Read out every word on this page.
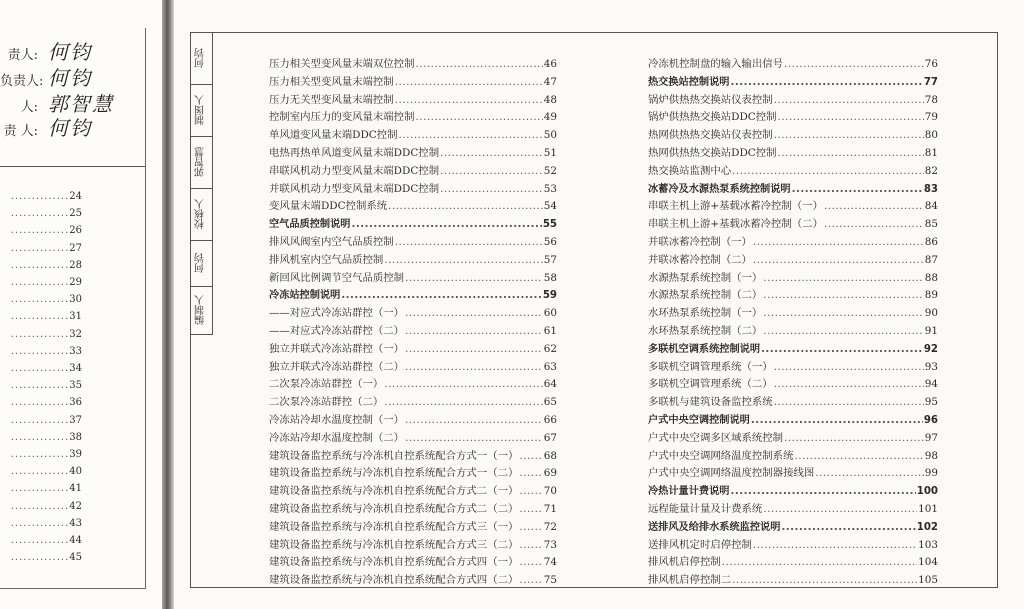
责人: 何钧
负责人: 何钧
人: 郭智慧
责 人: 何钧
..............24
..............25
..............26
..............27
..............28
..............29
..............30
..............31
..............32
..............33
..............34
..............35
..............36
..............37
..............38
..............39
..............40
..............41
..............42
..............43
..............44
..............45
何钧
制图人
郭智慧
校核人
何钧
编制人
压力相关型变风量末端双位控制 .....	46
压力相关型变风量末端控制 .....	47
压力无关型变风量末端控制 .....	48
控制室内压力的变风量末端控制 .....	49
单风道变风量末端DDC控制 .....	50
电热再热单风道变风量末端DDC控制 .....	51
串联风机动力型变风量末端DDC控制 .....	52
并联风机动力型变风量末端DDC控制 .....	53
变风量末端DDC控制系统 .....	54
空气品质控制说明 .....	55
排风风阀室内空气品质控制 .....	56
排风机室内空气品质控制 .....	57
新回风比例调节空气品质控制 .....	58
冷冻站控制说明 .....	59
——对应式冷冻站群控（一） .....	60
——对应式冷冻站群控（二） .....	61
独立并联式冷冻站群控（一） .....	62
独立并联式冷冻站群控（二） .....	63
二次泵冷冻站群控（一） .....	64
二次泵冷冻站群控（二） .....	65
冷冻站冷却水温度控制（一） .....	66
冷冻站冷却水温度控制（二） .....	67
建筑设备监控系统与冷冻机自控系统配合方式一（一） ..... 68
建筑设备监控系统与冷冻机自控系统配合方式一（二） ..... 69
建筑设备监控系统与冷冻机自控系统配合方式二（一） ..... 70
建筑设备监控系统与冷冻机自控系统配合方式二（二） ..... 71
建筑设备监控系统与冷冻机自控系统配合方式三（一） ..... 72
建筑设备监控系统与冷冻机自控系统配合方式三（二） ..... 73
建筑设备监控系统与冷冻机自控系统配合方式四（一） ..... 74
建筑设备监控系统与冷冻机自控系统配合方式四（二） ..... 75
冷冻机控制盘的输入输出信号 .....	76
热交换站控制说明 .....	77
锅炉供热热交换站仪表控制 .....	78
锅炉供热热交换站DDC控制 .....	79
热网供热热交换站仪表控制 .....	80
热网供热热交换站DDC控制 .....	81
热交换站监测中心 .....	82
冰蓄冷及水源热泵系统控制说明 .....	83
串联主机上游+基载冰蓄冷控制（一） .....	84
串联主机上游+基载冰蓄冷控制（二） .....	85
并联冰蓄冷控制（一） .....	86
并联冰蓄冷控制（二） .....	87
水源热泵系统控制（一） .....	88
水源热泵系统控制（二） .....	89
水环热泵系统控制（一） .....	90
水环热泵系统控制（二） .....	91
多联机空调系统控制说明 .....	92
多联机空调管理系统（一） .....	93
多联机空调管理系统（二） .....	94
多联机与建筑设备监控系统 .....	95
户式中央空调控制说明 .....	96
户式中央空调多区域系统控制 .....	97
户式中央空调网络温度控制系统 .....	98
户式中央空调网络温度控制器接线图 .....	99
冷热计量计费说明 .....	100
远程能量计量及计费系统 .....	101
送排风及给排水系统监控说明 .....	102
送排风机定时启停控制 .....	103
排风机启停控制 .....	104
排风机启停控制二 .....	105
